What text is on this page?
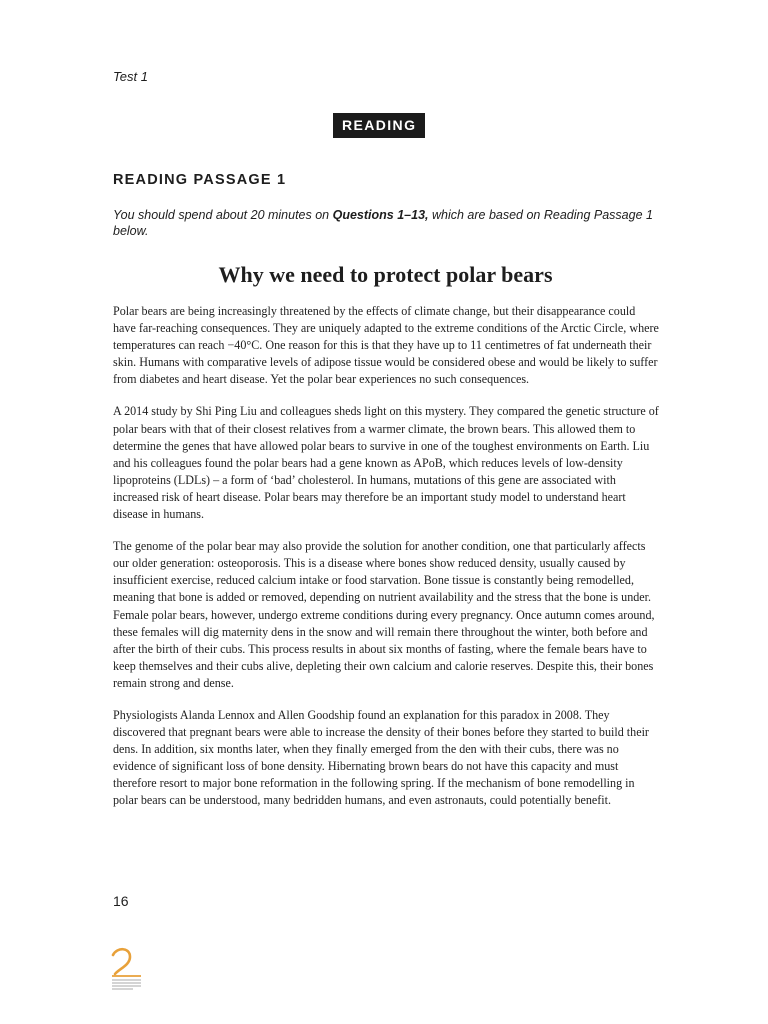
Test 1
READING
READING PASSAGE 1
You should spend about 20 minutes on Questions 1–13, which are based on Reading Passage 1 below.
Why we need to protect polar bears

Polar bears are being increasingly threatened by the effects of climate change, but their disappearance could have far-reaching consequences. They are uniquely adapted to the extreme conditions of the Arctic Circle, where temperatures can reach −40°C. One reason for this is that they have up to 11 centimetres of fat underneath their skin. Humans with comparative levels of adipose tissue would be considered obese and would be likely to suffer from diabetes and heart disease. Yet the polar bear experiences no such consequences.

A 2014 study by Shi Ping Liu and colleagues sheds light on this mystery. They compared the genetic structure of polar bears with that of their closest relatives from a warmer climate, the brown bears. This allowed them to determine the genes that have allowed polar bears to survive in one of the toughest environments on Earth. Liu and his colleagues found the polar bears had a gene known as APoB, which reduces levels of low-density lipoproteins (LDLs) – a form of ‘bad’ cholesterol. In humans, mutations of this gene are associated with increased risk of heart disease. Polar bears may therefore be an important study model to understand heart disease in humans.

The genome of the polar bear may also provide the solution for another condition, one that particularly affects our older generation: osteoporosis. This is a disease where bones show reduced density, usually caused by insufficient exercise, reduced calcium intake or food starvation. Bone tissue is constantly being remodelled, meaning that bone is added or removed, depending on nutrient availability and the stress that the bone is under. Female polar bears, however, undergo extreme conditions during every pregnancy. Once autumn comes around, these females will dig maternity dens in the snow and will remain there throughout the winter, both before and after the birth of their cubs. This process results in about six months of fasting, where the female bears have to keep themselves and their cubs alive, depleting their own calcium and calorie reserves. Despite this, their bones remain strong and dense.

Physiologists Alanda Lennox and Allen Goodship found an explanation for this paradox in 2008. They discovered that pregnant bears were able to increase the density of their bones before they started to build their dens. In addition, six months later, when they finally emerged from the den with their cubs, there was no evidence of significant loss of bone density. Hibernating brown bears do not have this capacity and must therefore resort to major bone reformation in the following spring. If the mechanism of bone remodelling in polar bears can be understood, many bedridden humans, and even astronauts, could potentially benefit.

16
